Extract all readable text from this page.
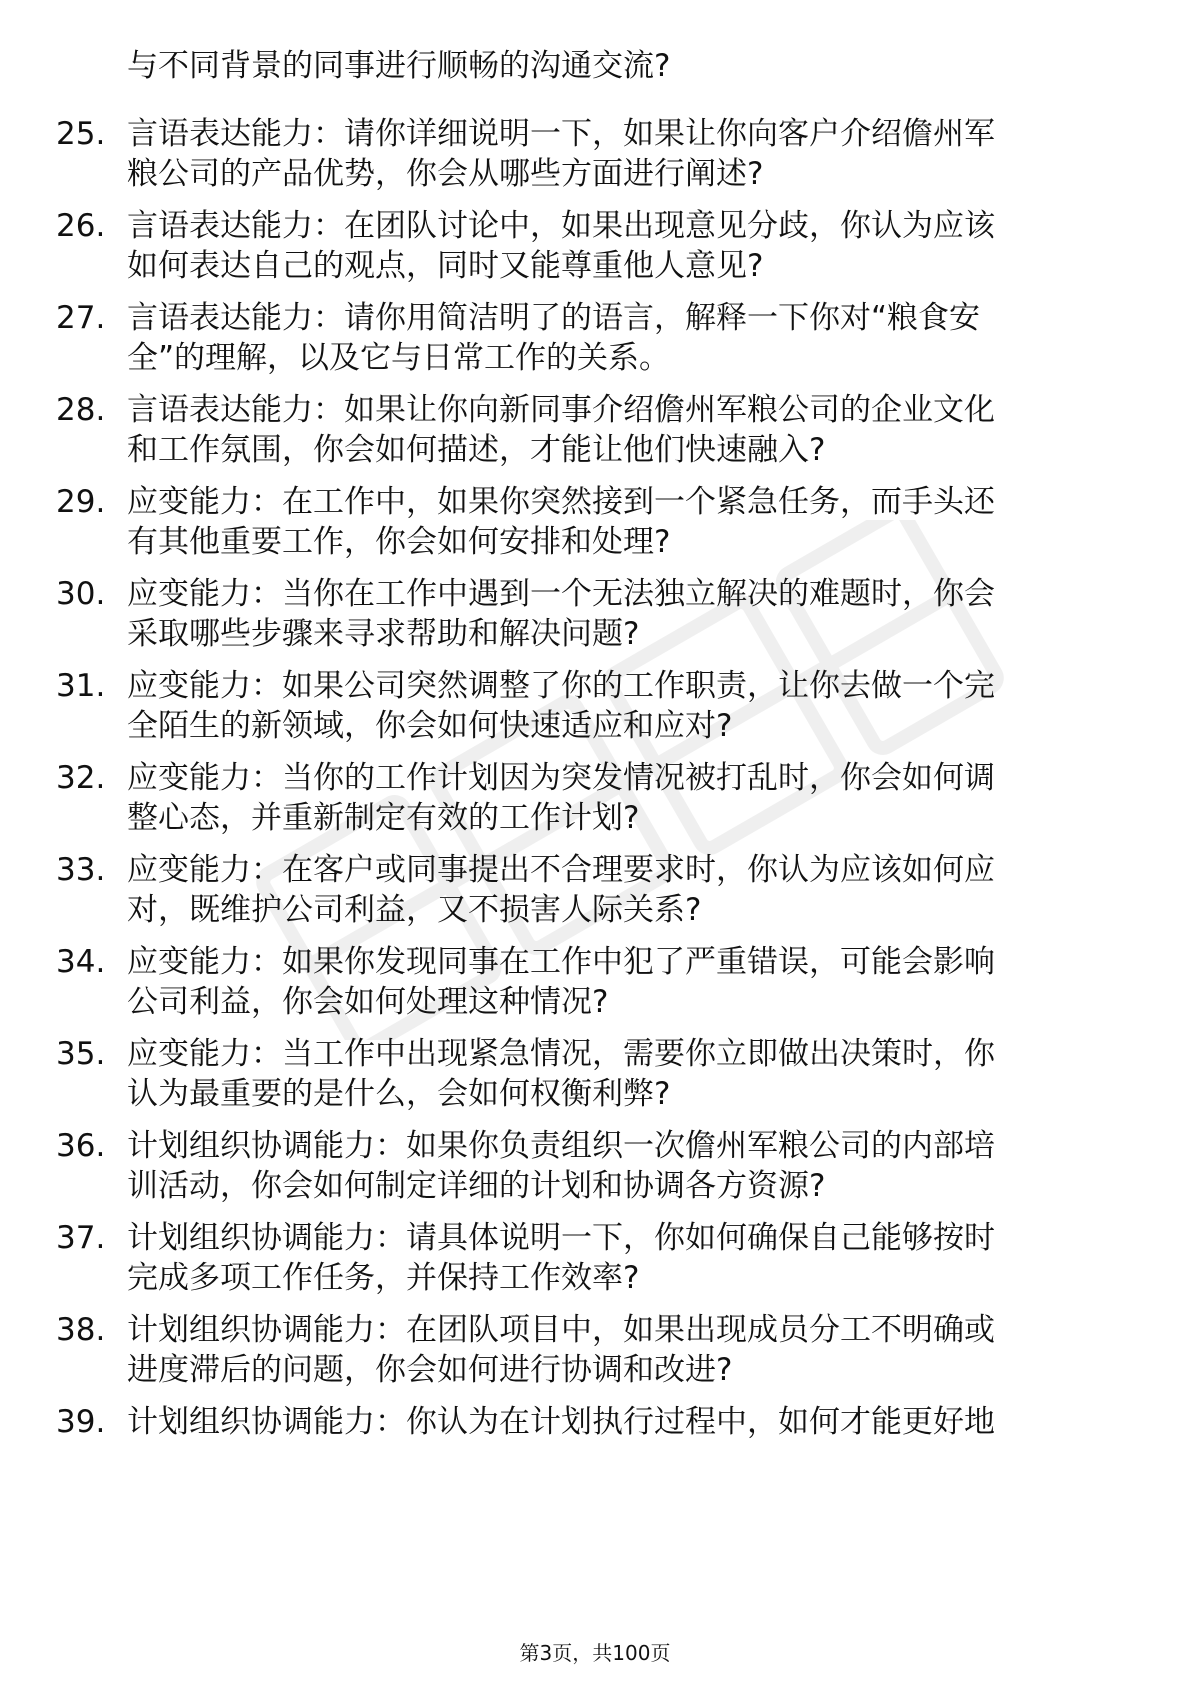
与不同背景的同事进行顺畅的沟通交流?
25. 言语表达能力：请你详细说明一下，如果让你向客户介绍儋州军
粮公司的产品优势，你会从哪些方面进行阐述?
26. 言语表达能力：在团队讨论中，如果出现意见分歧，你认为应该
如何表达自己的观点，同时又能尊重他人意见?
27. 言语表达能力：请你用简洁明了的语言，解释一下你对“粮食安
全”的理解，以及它与日常工作的关系。
28. 言语表达能力：如果让你向新同事介绍儋州军粮公司的企业文化
和工作氛围，你会如何描述，才能让他们快速融入?
29. 应变能力：在工作中，如果你突然接到一个紧急任务，而手头还
有其他重要工作，你会如何安排和处理?
30. 应变能力：当你在工作中遇到一个无法独立解决的难题时，你会
采取哪些步骤来寻求帮助和解决问题?
31. 应变能力：如果公司突然调整了你的工作职责，让你去做一个完
全陌生的新领域，你会如何快速适应和应对?
32. 应变能力：当你的工作计划因为突发情况被打乱时，你会如何调
整心态，并重新制定有效的工作计划?
33. 应变能力：在客户或同事提出不合理要求时，你认为应该如何应
对，既维护公司利益，又不损害人际关系?
34. 应变能力：如果你发现同事在工作中犯了严重错误，可能会影响
公司利益，你会如何处理这种情况?
35. 应变能力：当工作中出现紧急情况，需要你立即做出决策时，你
认为最重要的是什么，会如何权衡利弊?
36. 计划组织协调能力：如果你负责组织一次儋州军粮公司的内部培
训活动，你会如何制定详细的计划和协调各方资源?
37. 计划组织协调能力：请具体说明一下，你如何确保自己能够按时
完成多项工作任务，并保持工作效率?
38. 计划组织协调能力：在团队项目中，如果出现成员分工不明确或
进度滞后的问题，你会如何进行协调和改进?
39. 计划组织协调能力：你认为在计划执行过程中，如何才能更好地
第3页，共100页
